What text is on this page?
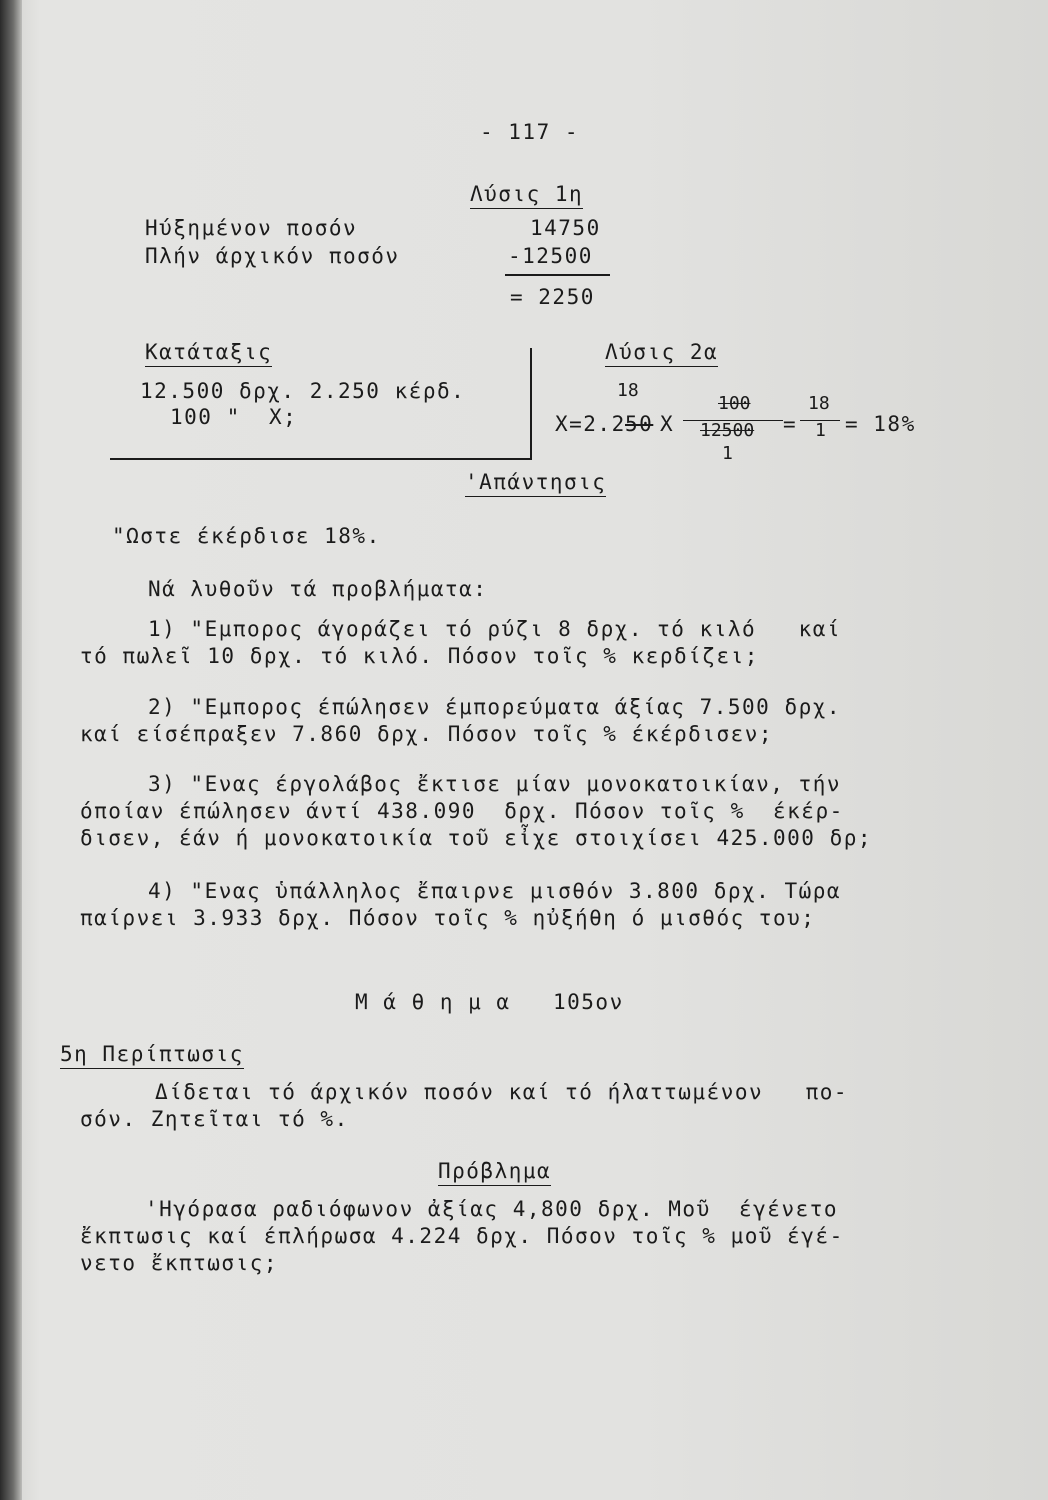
- 117 -
Λύσις 1η
Ηύξημένον ποσόν	14750
Πλήν άρχικόν ποσόν	-12500
= 2250
Κατάταξις
12.500 δρχ. 2.250 κέρδ.
100 "  X;
Λύσις 2α
X=2.2 50 X
18
100
12500
1
=
18
1 = 18%
'Απάντησις
"Ωστε έκέρδισε 18%.
Νά λυθοῦν τά προβλήματα:
1) "Εμπορος άγοράζει τό ρύζι 8 δρχ. τό κιλό   καί
τό πωλεῖ 10 δρχ. τό κιλό. Πόσον τοῖς % κερδίζει;
2) "Εμπορος έπώλησεν έμπορεύματα άξίας 7.500 δρχ.
καί είσέπραξεν 7.860 δρχ. Πόσον τοῖς % έκέρδισεν;
3) "Ενας έργολάβος ἔκτισε μίαν μονοκατοικίαν, τήν
όποίαν έπώλησεν άντί 438.090  δρχ. Πόσον τοῖς %  έκέρ-
δισεν, έάν ή μονοκατοικία τοῦ εἶχε στοιχίσει 425.000 δρ;
4) "Ενας ὑπάλληλος ἔπαιρνε μισθόν 3.800 δρχ. Τώρα
παίρνει 3.933 δρχ. Πόσον τοῖς % ηὐξήθη ό μισθός του;
Μ ά θ η μ α   105ον
5η Περίπτωσις
Δίδεται τό άρχικόν ποσόν καί τό ήλαττωμένον   πο-
σόν. Ζητεῖται τό %.
Πρόβλημα
'Ηγόρασα ραδιόφωνον ἀξίας 4,800 δρχ. Μοῦ  έγένετο
ἔκπτωσις καί έπλήρωσα 4.224 δρχ. Πόσον τοῖς % μοῦ έγέ-
νετο ἔκπτωσις;
